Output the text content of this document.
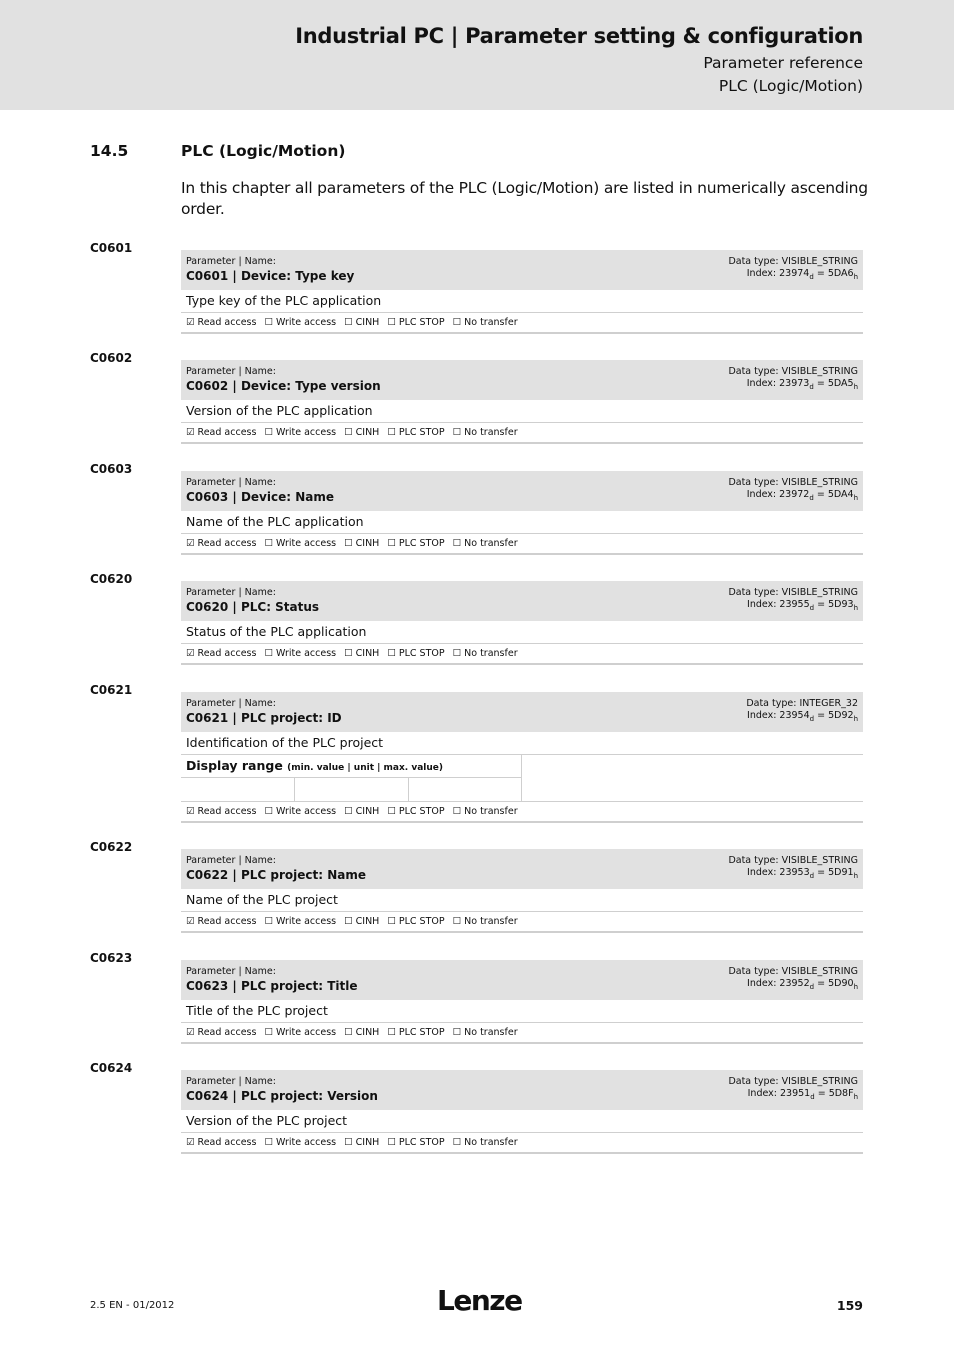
Industrial PC | Parameter setting & configuration
Parameter reference
PLC (Logic/Motion)
14.5	PLC (Logic/Motion)
In this chapter all parameters of the PLC (Logic/Motion) are listed in numerically ascending order.
C0601
Parameter | Name:
C0601 | Device: Type key
Data type: VISIBLE_STRING
Index: $23974_d = 5DA6_h$
Type key of the PLC application
☑ Read access ☐ Write access ☐ CINH ☐ PLC STOP ☐ No transfer
C0602
Parameter | Name:
C0602 | Device: Type version
Data type: VISIBLE_STRING
Index: $23973_d = 5DA5_h$
Version of the PLC application
☑ Read access ☐ Write access ☐ CINH ☐ PLC STOP ☐ No transfer
C0603
Parameter | Name:
C0603 | Device: Name
Data type: VISIBLE_STRING
Index: $23972_d = 5DA4_h$
Name of the PLC application
☑ Read access ☐ Write access ☐ CINH ☐ PLC STOP ☐ No transfer
C0620
Parameter | Name:
C0620 | PLC: Status
Data type: VISIBLE_STRING
Index: $23955_d = 5D93_h$
Status of the PLC application
☑ Read access ☐ Write access ☐ CINH ☐ PLC STOP ☐ No transfer
C0621
Parameter | Name:
C0621 | PLC project: ID
Data type: INTEGER_32
Index: $23954_d = 5D92_h$
Identification of the PLC project
Display range (min. value | unit | max. value)
☑ Read access ☐ Write access ☐ CINH ☐ PLC STOP ☐ No transfer
C0622
Parameter | Name:
C0622 | PLC project: Name
Data type: VISIBLE_STRING
Index: $23953_d = 5D91_h$
Name of the PLC project
☑ Read access ☐ Write access ☐ CINH ☐ PLC STOP ☐ No transfer
C0623
Parameter | Name:
C0623 | PLC project: Title
Data type: VISIBLE_STRING
Index: $23952_d = 5D90_h$
Title of the PLC project
☑ Read access ☐ Write access ☐ CINH ☐ PLC STOP ☐ No transfer
C0624
Parameter | Name:
C0624 | PLC project: Version
Data type: VISIBLE_STRING
Index: $23951_d = 5D8F_h$
Version of the PLC project
☑ Read access ☐ Write access ☐ CINH ☐ PLC STOP ☐ No transfer
2.5 EN - 01/2012	Lenze	159
